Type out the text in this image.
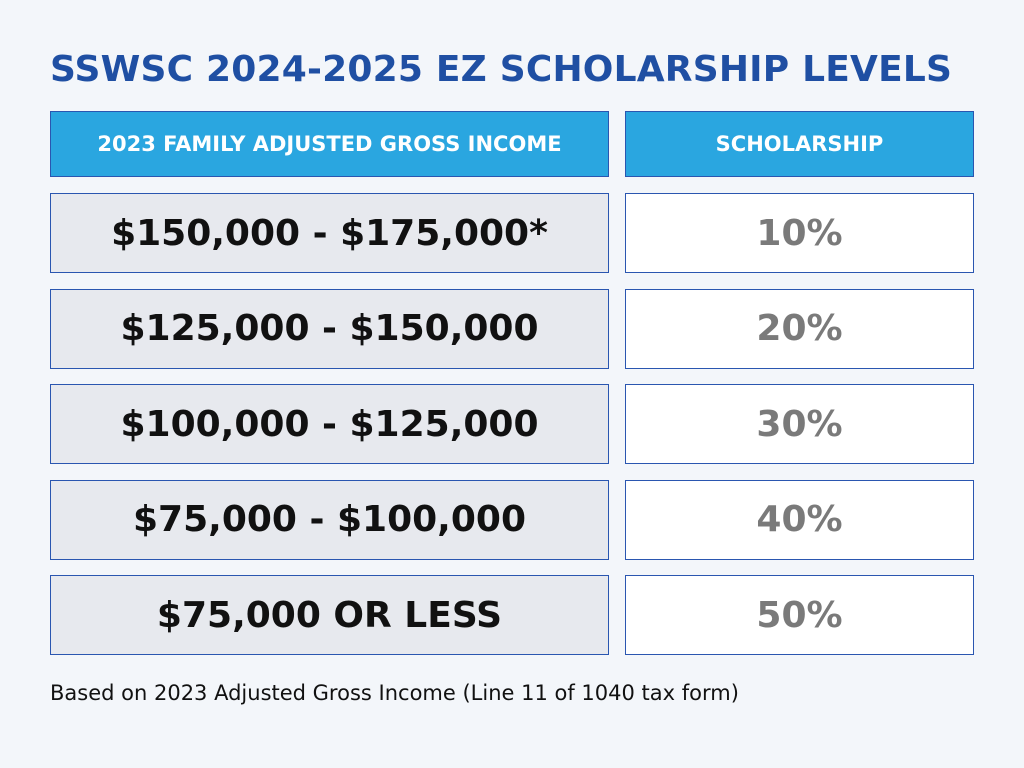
SSWSC 2024-2025 EZ SCHOLARSHIP LEVELS
2023 FAMILY ADJUSTED GROSS INCOME	SCHOLARSHIP
$150,000 - $175,000*	10%
$125,000 - $150,000	20%
$100,000 - $125,000	30%
$75,000 - $100,000	40%
$75,000 OR LESS	50%

Based on 2023 Adjusted Gross Income (Line 11 of 1040 tax form)
